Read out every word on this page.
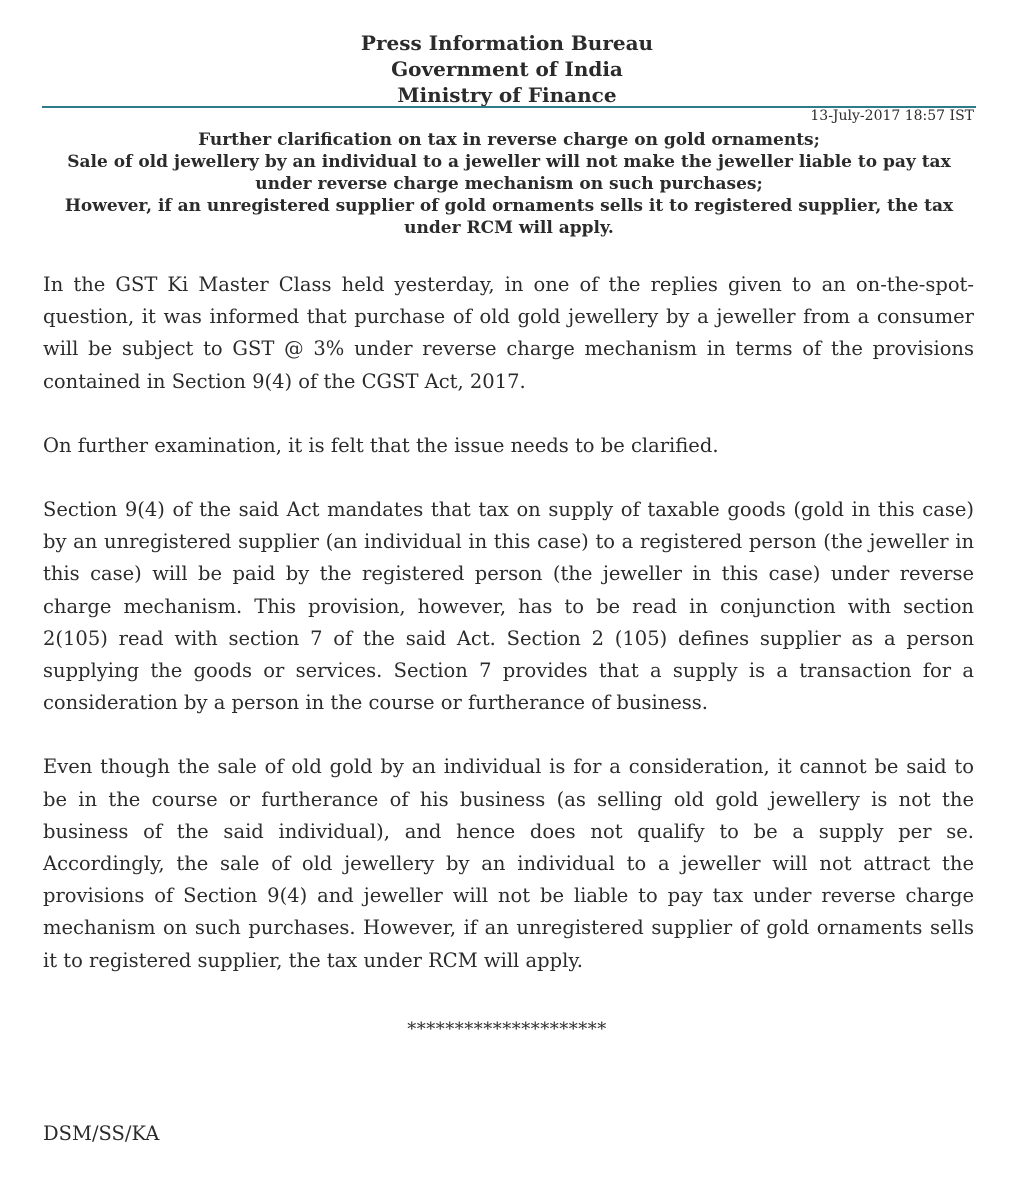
Press Information Bureau
Government of India
Ministry of Finance
13-July-2017 18:57 IST
Further clarification on tax in reverse charge on gold ornaments;
Sale of old jewellery by an individual to a jeweller will not make the jeweller liable to pay tax under reverse charge mechanism on such purchases;
However, if an unregistered supplier of gold ornaments sells it to registered supplier, the tax under RCM will apply.

In the GST Ki Master Class held yesterday, in one of the replies given to an on-the-spot-question, it was informed that purchase of old gold jewellery by a jeweller from a consumer will be subject to GST @ 3% under reverse charge mechanism in terms of the provisions contained in Section 9(4) of the CGST Act, 2017.

On further examination, it is felt that the issue needs to be clarified.

Section 9(4) of the said Act mandates that tax on supply of taxable goods (gold in this case) by an unregistered supplier (an individual in this case) to a registered person (the jeweller in this case) will be paid by the registered person (the jeweller in this case) under reverse charge mechanism. This provision, however, has to be read in conjunction with section 2(105) read with section 7 of the said Act. Section 2 (105) defines supplier as a person supplying the goods or services. Section 7 provides that a supply is a transaction for a consideration by a person in the course or furtherance of business.

Even though the sale of old gold by an individual is for a consideration, it cannot be said to be in the course or furtherance of his business (as selling old gold jewellery is not the business of the said individual), and hence does not qualify to be a supply per se. Accordingly, the sale of old jewellery by an individual to a jeweller will not attract the provisions of Section 9(4) and jeweller will not be liable to pay tax under reverse charge mechanism on such purchases. However, if an unregistered supplier of gold ornaments sells it to registered supplier, the tax under RCM will apply.

*********************
DSM/SS/KA
